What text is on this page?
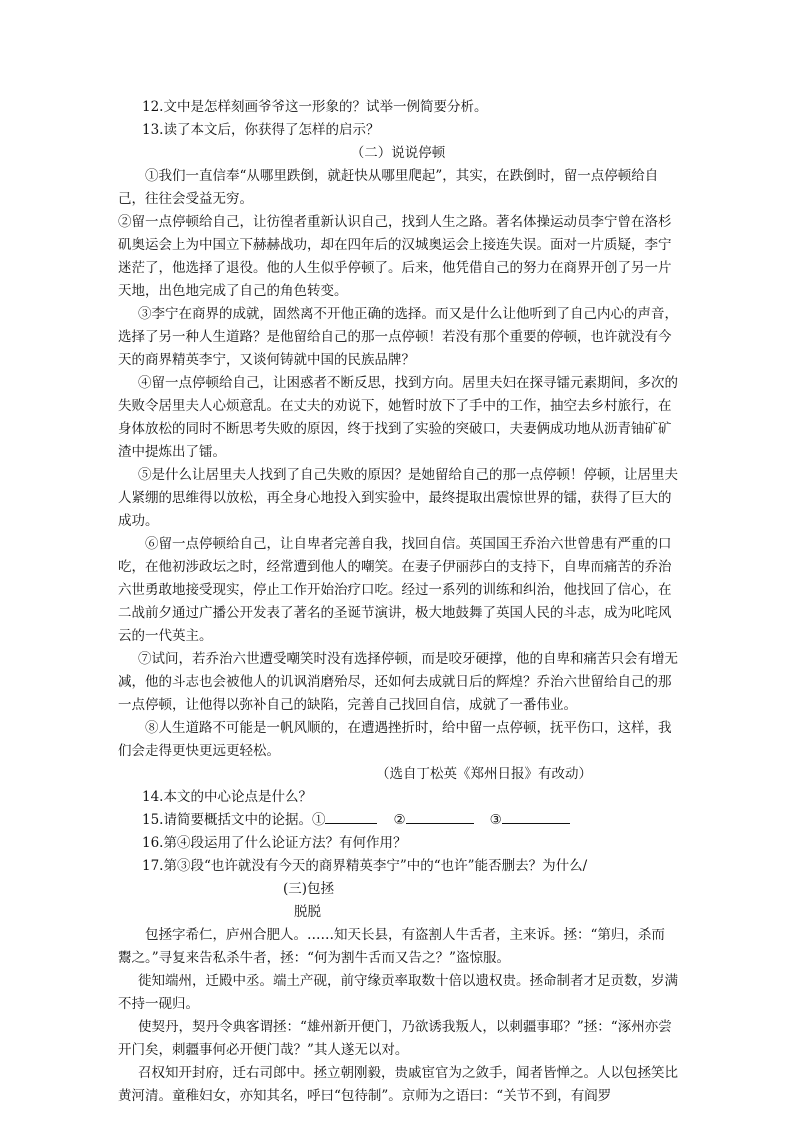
12.文中是怎样刻画爷爷这一形象的？试举一例简要分析。

13.读了本文后，你获得了怎样的启示？

（二）说说停顿

①我们一直信奉“从哪里跌倒，就赶快从哪里爬起”，其实，在跌倒时，留一点停顿给自己，往往会受益无穷。

②留一点停顿给自己，让彷徨者重新认识自己，找到人生之路。著名体操运动员李宁曾在洛杉矶奥运会上为中国立下赫赫战功，却在四年后的汉城奥运会上接连失误。面对一片质疑，李宁迷茫了，他选择了退役。他的人生似乎停顿了。后来，他凭借自己的努力在商界开创了另一片天地，出色地完成了自己的角色转变。

③李宁在商界的成就，固然离不开他正确的选择。而又是什么让他听到了自己内心的声音，选择了另一种人生道路？是他留给自己的那一点停顿！若没有那个重要的停顿，也许就没有今天的商界精英李宁，又谈何铸就中国的民族品牌？

④留一点停顿给自己，让困惑者不断反思，找到方向。居里夫妇在探寻镭元素期间，多次的失败令居里夫人心烦意乱。在丈夫的劝说下，她暂时放下了手中的工作，抽空去乡村旅行，在身体放松的同时不断思考失败的原因，终于找到了实验的突破口，夫妻俩成功地从沥青铀矿矿渣中提炼出了镭。

⑤是什么让居里夫人找到了自己失败的原因？是她留给自己的那一点停顿！停顿，让居里夫人紧绷的思维得以放松，再全身心地投入到实验中，最终提取出震惊世界的镭，获得了巨大的成功。

⑥留一点停顿给自己，让自卑者完善自我，找回自信。英国国王乔治六世曾患有严重的口吃，在他初涉政坛之时，经常遭到他人的嘲笑。在妻子伊丽莎白的支持下，自卑而痛苦的乔治六世勇敢地接受现实，停止工作开始治疗口吃。经过一系列的训练和纠治，他找回了信心，在二战前夕通过广播公开发表了著名的圣诞节演讲，极大地鼓舞了英国人民的斗志，成为叱咤风云的一代英主。

⑦试问，若乔治六世遭受嘲笑时没有选择停顿，而是咬牙硬撑，他的自卑和痛苦只会有增无减，他的斗志也会被他人的讥讽消磨殆尽，还如何去成就日后的辉煌？乔治六世留给自己的那一点停顿，让他得以弥补自己的缺陷，完善自己找回自信，成就了一番伟业。

⑧人生道路不可能是一帆风顺的，在遭遇挫折时，给中留一点停顿，抚平伤口，这样，我们会走得更快更远更轻松。

（选自丁松英《郑州日报》有改动）

14.本文的中心论点是什么？

15.请简要概括文中的论据。①	②	③

16.第④段运用了什么论证方法？有何作用？

17.第③段“也许就没有今天的商界精英李宁”中的“也许”能否删去？为什么/

(三)包拯

脱脱

包拯字希仁，庐州合肥人。……知天长县，有盗割人牛舌者，主来诉。拯：“第归，杀而鬻之。”寻复来告私杀牛者，拯：“何为割牛舌而又告之？”盗惊服。

徙知端州，迁殿中丞。端土产砚，前守缘贡率取数十倍以遗权贵。拯命制者才足贡数，岁满不持一砚归。

使契丹，契丹令典客谓拯：“雄州新开便门，乃欲诱我叛人，以刺疆事耶？”拯：“涿州亦尝开门矣，刺疆事何必开便门哉？”其人遂无以对。

召权知开封府，迁右司郎中。拯立朝刚毅，贵戚宦官为之敛手，闻者皆惮之。人以包拯笑比黄河清。童稚妇女，亦知其名，呼曰“包待制”。京师为之语曰：“关节不到，有阎罗
